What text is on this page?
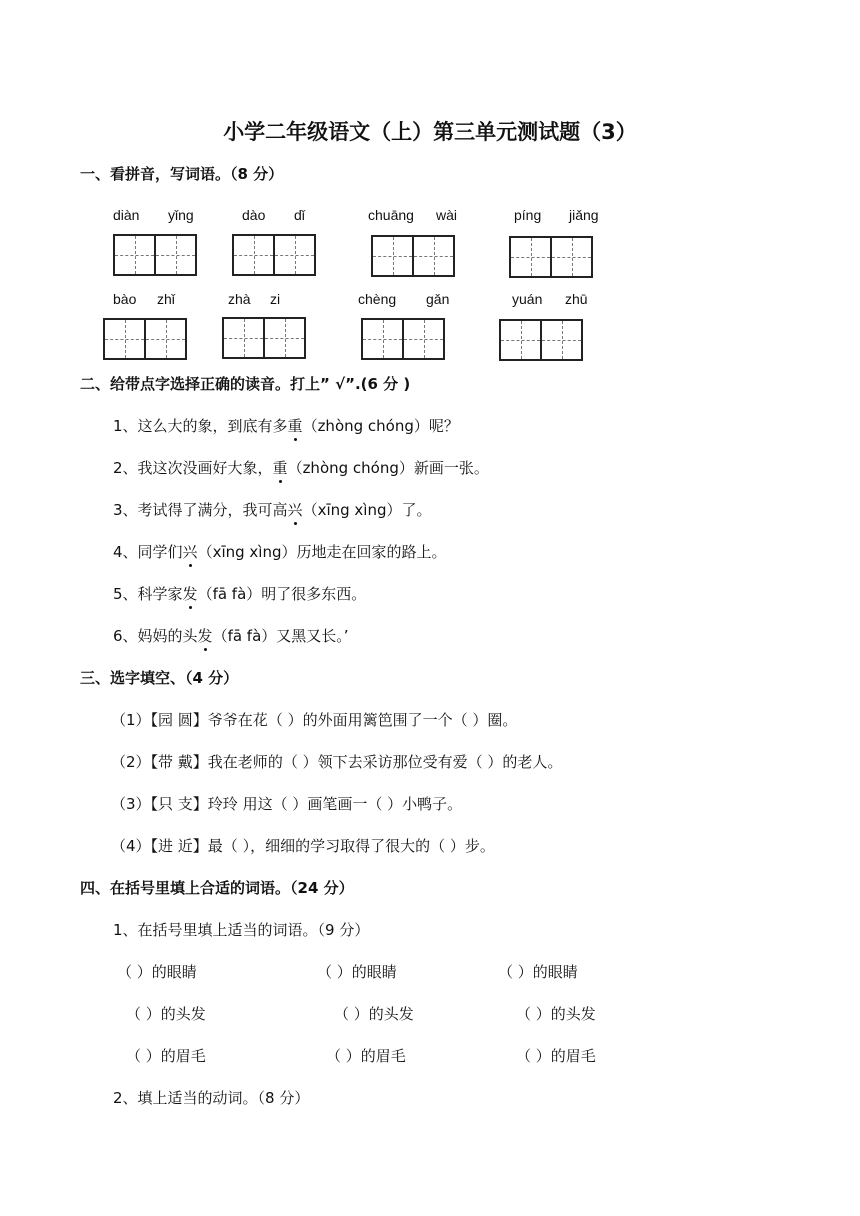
小学二年级语文（上）第三单元测试题（3）
一、看拼音，写词语。（8 分）
diàn yǐng	dào dǐ	chuāng wài	píng jiǎng
bào zhǐ	zhà zi	chèng gǎn	yuán zhū
二、给带点字选择正确的读音。打上” √”.(6 分 )
1、这么大的象，到底有多重（zhòng chóng）呢？
2、我这次没画好大象，重（zhòng chóng）新画一张。
3、考试得了满分，我可高兴（xīng xìng）了。
4、同学们兴（xīng xìng）历地走在回家的路上。
5、科学家发（fā fà）明了很多东西。
6、妈妈的头发（fā fà）又黑又长。’
三、选字填空、（4 分）
（1）【园 圆】爷爷在花（ ）的外面用篱笆围了一个（ ）圈。
（2）【带 戴】我在老师的（ ）领下去采访那位受有爱（ ）的老人。
（3）【只 支】玲玲 用这（ ）画笔画一（ ）小鸭子。
（4）【进 近】最（ ），细细的学习取得了很大的（ ）步。
四、在括号里填上合适的词语。（24 分）
1、在括号里填上适当的词语。（9 分）
（ ）的眼睛	（ ）的眼睛	（ ）的眼睛
（ ）的头发	（ ）的头发	（ ）的头发
（ ）的眉毛	（ ）的眉毛	（ ）的眉毛
2、填上适当的动词。（8 分）
